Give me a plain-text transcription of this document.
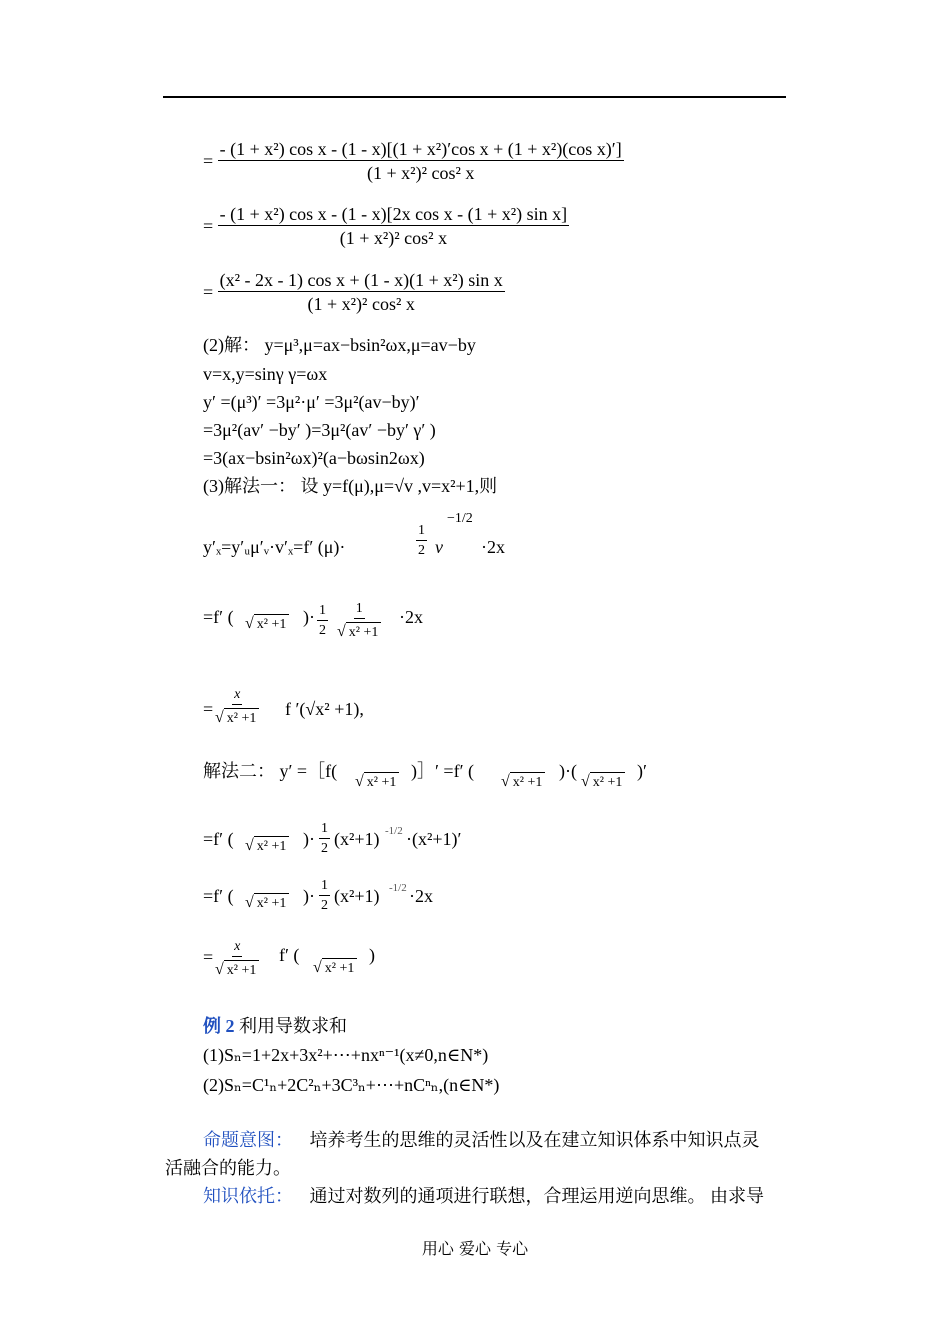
=
- (1 + x²) cos x - (1 - x)[(1 + x²)′cos x + (1 + x²)(cos x)′]
(1 + x²)² cos² x
= $\frac{\text{- (1 + x²) cos x - (1 - x)[2x cos x - (1 + x²) sin x]}}{\text{(1 + x²)² cos² x}}$
= $\frac{\text{(x² - 2x - 1) cos x + (1 - x)(1 + x²) sin x}}{\text{(1 + x²)² cos² x}}$
(2)解： y=μ³,μ=ax−bsin²ωx,μ=av−by
v=x,y=sinγ γ=ωx
y′ =(μ³)′ =3μ²·μ′ =3μ²(av−by)′
=3μ²(av′ −by′ )=3μ²(av′ −by′ γ′ )
=3(ax−bsin²ωx)²(a−bωsin2ωx)
(3)解法一： 设 y=f(μ),μ=√v ,v=x²+1,则
y′ₓ=y′ᵤμ′ᵥ·v′ₓ=f′ (μ)·	$\frac{1}{2}$ v
−1/2
·2x
=f′ ( √ x² +1 )· $\frac{1}{2} \frac{1}{\text{√ x² +1}} \cdot 2x$
= $\frac{x}{\text{√ x² +1}}$ f ′(√x² +1),
解法二： y′ =［f(
√ x² +1
)］′ =f′ (
√ x² +1
)·(
√ x² +1
)′
=f′ ( √ x² +1 )· $\frac{1}{2} (x^2+1)$ -1/2 ·(x²+1)′
=f′ ( √ x² +1 )· $\frac{1}{2} (x^2+1)$ -1/2 ·2x
= $\frac{x}{\text{√ x² +1}} f'$ (
√ x² +1
)
例 2 利用导数求和
(1)Sₙ=1+2x+3x²+⋯+nxⁿ⁻¹(x≠0,n∈N*)
(2)Sₙ=C¹ₙ+2C²ₙ+3C³ₙ+⋯+nCⁿₙ,(n∈N*)
命题意图： 培养考生的思维的灵活性以及在建立知识体系中知识点灵
活融合的能力。
知识依托： 通过对数列的通项进行联想，合理运用逆向思维。 由求导
用心 爱心 专心
